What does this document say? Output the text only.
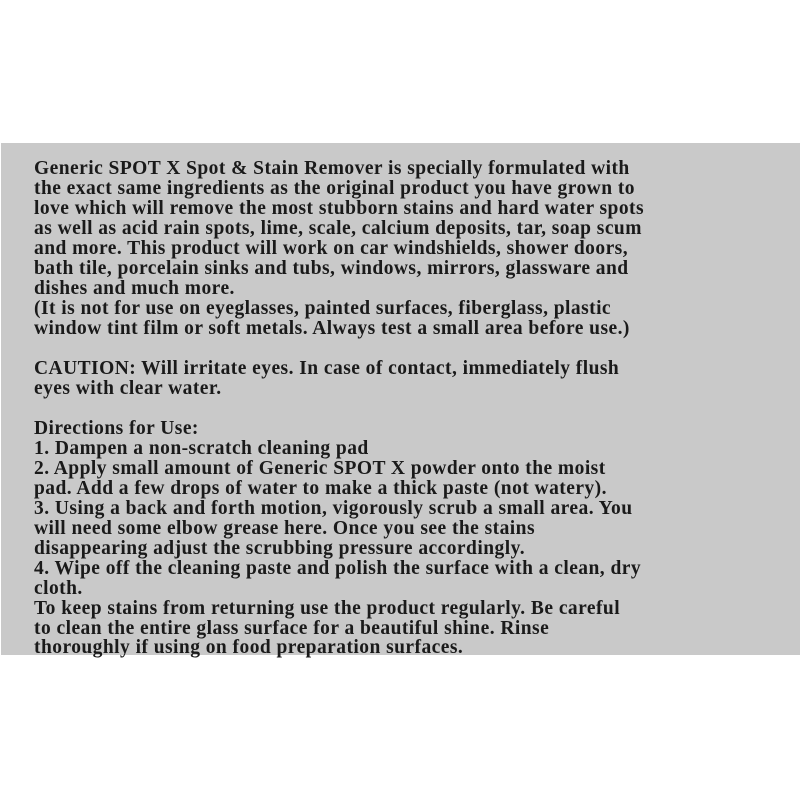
Generic SPOT X Spot & Stain Remover is specially formulated with
the exact same ingredients as the original product you have grown to
love which will remove the most stubborn stains and hard water spots
as well as acid rain spots, lime, scale, calcium deposits, tar, soap scum
and more. This product will work on car windshields, shower doors,
bath tile, porcelain sinks and tubs, windows, mirrors, glassware and
dishes and much more.
(It is not for use on eyeglasses, painted surfaces, fiberglass, plastic
window tint film or soft metals. Always test a small area before use.)
CAUTION: Will irritate eyes. In case of contact, immediately flush
eyes with clear water.
Directions for Use:
1. Dampen a non-scratch cleaning pad
2. Apply small amount of Generic SPOT X powder onto the moist
pad. Add a few drops of water to make a thick paste (not watery).
3. Using a back and forth motion, vigorously scrub a small area. You
will need some elbow grease here. Once you see the stains
disappearing adjust the scrubbing pressure accordingly.
4. Wipe off the cleaning paste and polish the surface with a clean, dry
cloth.
To keep stains from returning use the product regularly. Be careful
to clean the entire glass surface for a beautiful shine. Rinse
thoroughly if using on food preparation surfaces.
